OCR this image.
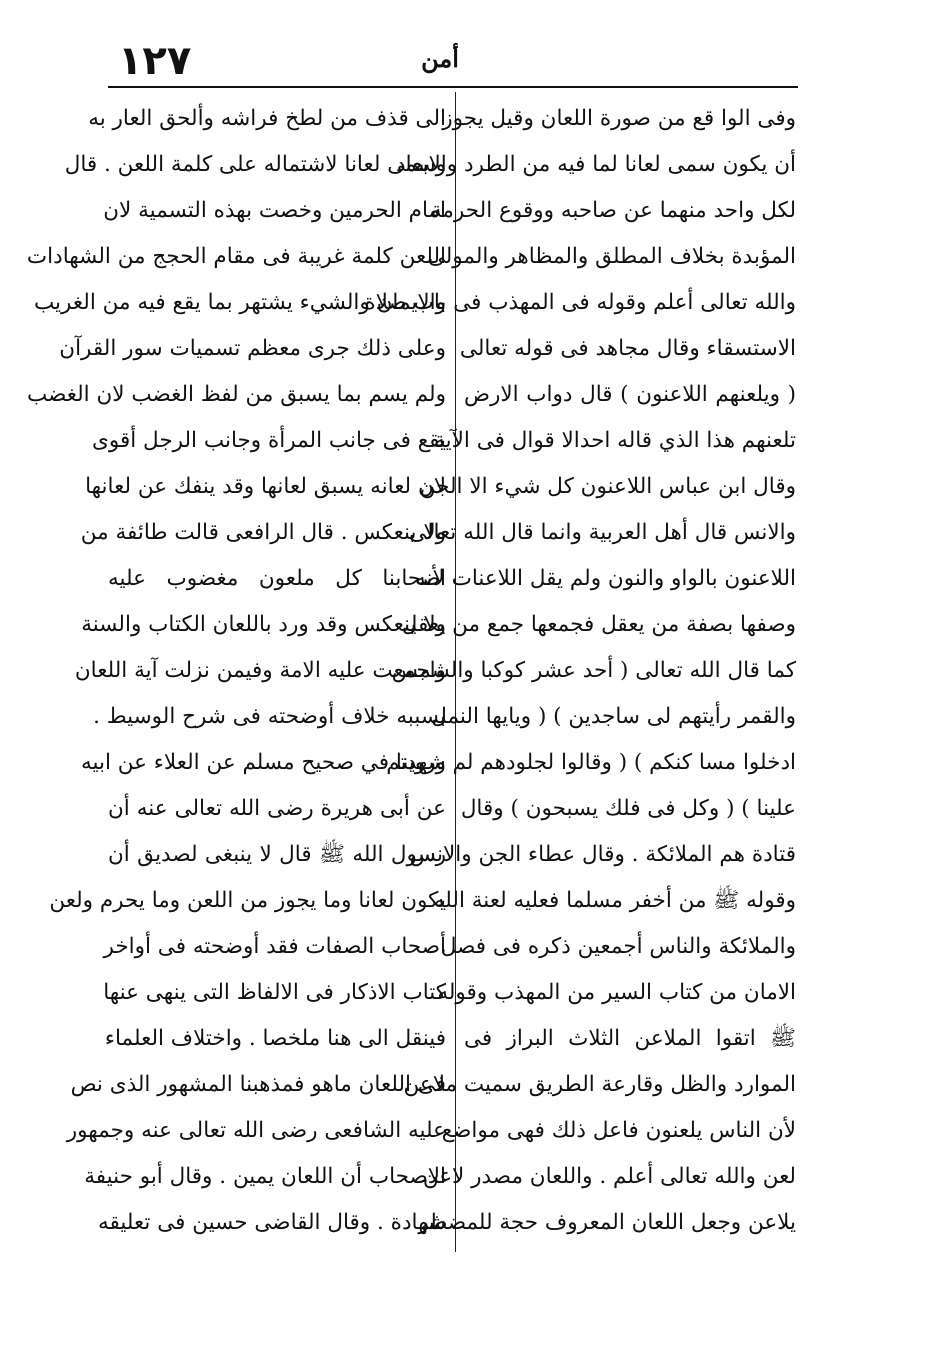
١٢٧	أمن
وفى الوا قع من صورة اللعان وقيل يجوز
أن يكون سمى لعانا لما فيه من الطرد والابعاد
لكل واحد منهما عن صاحبه ووقوع الحرمة
المؤبدة بخلاف المطلق والمظاهر والمولى
والله تعالى أعلم وقوله فى المهذب فى باب صلاة
الاستسقاء وقال مجاهد فى قوله تعالى
( ويلعنهم اللاعنون ) قال دواب الارض
تلعنهم هذا الذي قاله احدالا قوال فى الآية
وقال ابن عباس اللاعنون كل شيء الا الجن
والانس قال أهل العربية وانما قال الله تعالى
اللاعنون بالواو والنون ولم يقل اللاعنات لأنه
وصفها بصفة من يعقل فجمعها جمع من يعقل
كما قال الله تعالى ( أحد عشر كوكبا والشمس
والقمر رأيتهم لى ساجدين ) ( ويايها النمل
ادخلوا مسا كنكم ) ( وقالوا لجلودهم لم شهدتم
علينا ) ( وكل فى فلك يسبحون ) وقال
قتادة هم الملائكة . وقال عطاء الجن والانس
وقوله ﷺ من أخفر مسلما فعليه لعنة الله
والملائكة والناس أجمعين ذكره فى فصل
الامان من كتاب السير من المهذب وقوله
ﷺ اتقوا الملاعن الثلاث البراز فى
الموارد والظل وقارعة الطريق سميت ملاعن
لأن الناس يلعنون فاعل ذلك فهى مواضع
لعن والله تعالى أعلم . واللعان مصدر لاعن
يلاعن وجعل اللعان المعروف حجة للمضطر
الى قذف من لطخ فراشه وألحق العار به
وسمى لعانا لاشتماله على كلمة اللعن . قال
امام الحرمين وخصت بهذه التسمية لان
اللعن كلمة غريبة فى مقام الحجج من الشهادات
والايمان والشيء يشتهر بما يقع فيه من الغريب
وعلى ذلك جرى معظم تسميات سور القرآن
ولم يسم بما يسبق من لفظ الغضب لان الغضب
يقع فى جانب المرأة وجانب الرجل أقوى
لان لعانه يسبق لعانها وقد ينفك عن لعانها
ولا ينعكس . قال الرافعى قالت طائفة من
اصحابنا كل ملعون مغضوب عليه
ولا ينعكس وقد ورد باللعان الكتاب والسنة
واجمعت عليه الامة وفيمن نزلت آية اللعان
بسببه خلاف أوضحته فى شرح الوسيط .
وروينا في صحيح مسلم عن العلاء عن ابيه
عن أبى هريرة رضى الله تعالى عنه أن
رسول الله ﷺ قال لا ينبغى لصديق أن
يكون لعانا وما يجوز من اللعن وما يحرم ولعن
أصحاب الصفات فقد أوضحته فى أواخر
كتاب الاذكار فى الالفاظ التى ينهى عنها
فينقل الى هنا ملخصا . واختلاف العلماء
فى اللعان ماهو فمذهبنا المشهور الذى نص
عليه الشافعى رضى الله تعالى عنه وجمهور
الاصحاب أن اللعان يمين . وقال أبو حنيفة
شهادة . وقال القاضى حسين فى تعليقه
